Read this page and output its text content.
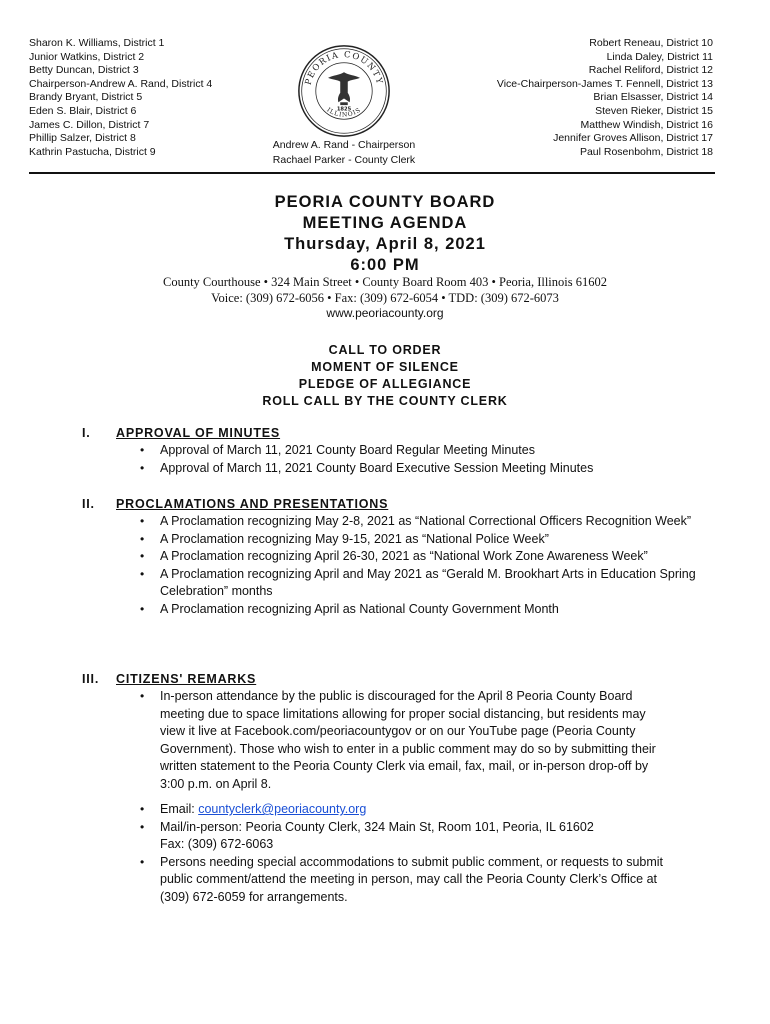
Sharon K. Williams, District 1
Junior Watkins, District 2
Betty Duncan, District 3
Chairperson-Andrew A. Rand, District 4
Brandy Bryant, District 5
Eden S. Blair, District 6
James C. Dillon, District 7
Phillip Salzer, District 8
Kathrin Pastucha, District 9
Robert Reneau, District 10
Linda Daley, District 11
Rachel Reliford, District 12
Vice-Chairperson-James T. Fennell, District 13
Brian Elsasser, District 14
Steven Rieker, District 15
Matthew Windish, District 16
Jennifer Groves Allison, District 17
Paul Rosenbohm, District 18
PEORIA COUNTY
ILLINOIS
1825
Andrew A. Rand - Chairperson
Rachael Parker - County Clerk
PEORIA COUNTY BOARD
MEETING AGENDA
Thursday, April 8, 2021
6:00 PM
County Courthouse • 324 Main Street • County Board Room 403 • Peoria, Illinois 61602
Voice: (309) 672-6056 • Fax: (309) 672-6054 • TDD: (309) 672-6073
www.peoriacounty.org
CALL TO ORDER
MOMENT OF SILENCE
PLEDGE OF ALLEGIANCE
ROLL CALL BY THE COUNTY CLERK
I. APPROVAL OF MINUTES
• Approval of March 11, 2021 County Board Regular Meeting Minutes
• Approval of March 11, 2021 County Board Executive Session Meeting Minutes
II. PROCLAMATIONS AND PRESENTATIONS
• A Proclamation recognizing May 2-8, 2021 as “National Correctional Officers Recognition Week”
• A Proclamation recognizing May 9-15, 2021 as “National Police Week”
• A Proclamation recognizing April 26-30, 2021 as “National Work Zone Awareness Week”
• A Proclamation recognizing April and May 2021 as “Gerald M. Brookhart Arts in Education Spring Celebration” months
• A Proclamation recognizing April as National County Government Month
III. CITIZENS' REMARKS
• In-person attendance by the public is discouraged for the April 8 Peoria County Board meeting due to space limitations allowing for proper social distancing, but residents may view it live at Facebook.com/peoriacountygov or on our YouTube page (Peoria County Government). Those who wish to enter in a public comment may do so by submitting their written statement to the Peoria County Clerk via email, fax, mail, or in-person drop-off by 3:00 p.m. on April 8.
• Email: countyclerk@peoriacounty.org
• Mail/in-person: Peoria County Clerk, 324 Main St, Room 101, Peoria, IL 61602
Fax: (309) 672-6063
• Persons needing special accommodations to submit public comment, or requests to submit public comment/attend the meeting in person, may call the Peoria County Clerk’s Office at (309) 672-6059 for arrangements.
